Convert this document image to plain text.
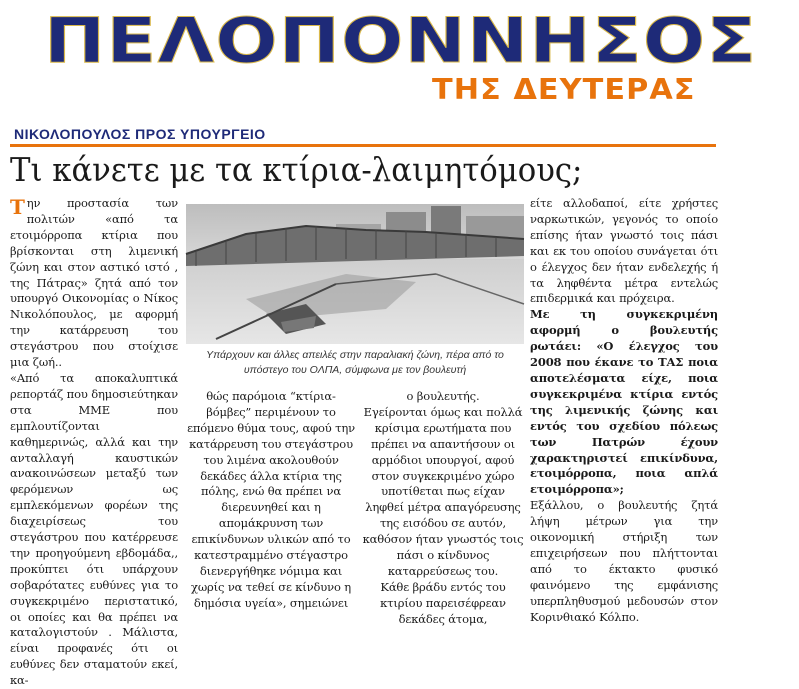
ΠΕΛΟΠΟΝΝΗΣΟΣ
ΤΗΣ ΔΕΥΤΕΡΑΣ
ΝΙΚΟΛΟΠΟΥΛΟΣ ΠΡΟΣ ΥΠΟΥΡΓΕΙΟ
Τι κάνετε με τα κτίρια-λαιμητόμους;
Την προστασία των πολιτών «από τα ετοιμόρροπα κτίρια που βρίσκονται στη λιμενική ζώνη και στον αστικό ιστό , της Πάτρας» ζητά από τον υπουργό Οικονομίας ο Νίκος Νικολόπουλος, με αφορμή την κατάρρευση του στεγάστρου που στοίχισε μια ζωή..
«Από τα αποκαλυπτικά ρεπορτάζ που δημοσιεύτηκαν στα ΜΜΕ που εμπλουτίζονται καθημερινώς, αλλά και την ανταλλαγή καυστικών ανακοινώσεων μεταξύ των φερόμενων ως εμπλεκόμενων φορέων της διαχειρίσεως του στεγάστρου που κατέρρευσε την προηγούμενη εβδομάδα,, προκύπτει ότι υπάρχουν σοβαρότατες ευθύνες για το συγκεκριμένο περιστατικό, οι οποίες και θα πρέπει να καταλογιστούν . Μάλιστα, είναι προφανές ότι οι ευθύνες δεν σταματούν εκεί, κα-
Υπάρχουν και άλλες απειλές στην παραλιακή ζώνη, πέρα από το υπόστεγο του ΟΛΠΑ, σύμφωνα με τον βουλευτή
θώς παρόμοια “κτίρια-βόμβες” περιμένουν το επόμενο θύμα τους, αφού την κατάρρευση του στεγάστρου του λιμένα ακολουθούν δεκάδες άλλα κτίρια της πόλης, ενώ θα πρέπει να διερευνηθεί και η απομάκρυνση των επικίνδυνων υλικών από το κατεστραμμένο στέγαστρο διενεργήθηκε νόμιμα και χωρίς να τεθεί σε κίνδυνο η δημόσια υγεία», σημειώνει
ο βουλευτής.
Εγείρονται όμως και πολλά κρίσιμα ερωτήματα που πρέπει να απαντήσουν οι αρμόδιοι υπουργοί, αφού στον συγκεκριμένο χώρο υποτίθεται πως είχαν ληφθεί μέτρα απαγόρευσης της εισόδου σε αυτόν, καθόσον ήταν γνωστός τοις πάσι ο κίνδυνος καταρρεύσεως του.
Κάθε βράδυ εντός του κτιρίου παρεισέφρεαν δεκάδες άτομα,
είτε αλλοδαποί, είτε χρήστες ναρκωτικών, γεγονός το οποίο επίσης ήταν γνωστό τοις πάσι και εκ του οποίου συνάγεται ότι ο έλεγχος δεν ήταν ενδελεχής ή τα ληφθέντα μέτρα εντελώς επιδερμικά και πρόχειρα.
Με τη συγκεκριμένη αφορμή ο βουλευτής ρωτάει: «Ο έλεγχος του 2008 που έκανε το ΤΑΣ ποια αποτελέσματα είχε, ποια συγκεκριμένα κτίρια εντός της λιμενικής ζώνης και εντός του σχεδίου πόλεως των Πατρών έχουν χαρακτηριστεί επικίνδυνα, ετοιμόρροπα, ποια απλά ετοιμόρροπα»;
Εξάλλου, ο βουλευτής ζητά λήψη μέτρων για την οικονομική στήριξη των επιχειρήσεων που πλήττονται από το έκτακτο φυσικό φαινόμενο της εμφάνισης υπερπληθυσμού μεδουσών στον Κορινθιακό Κόλπο.
